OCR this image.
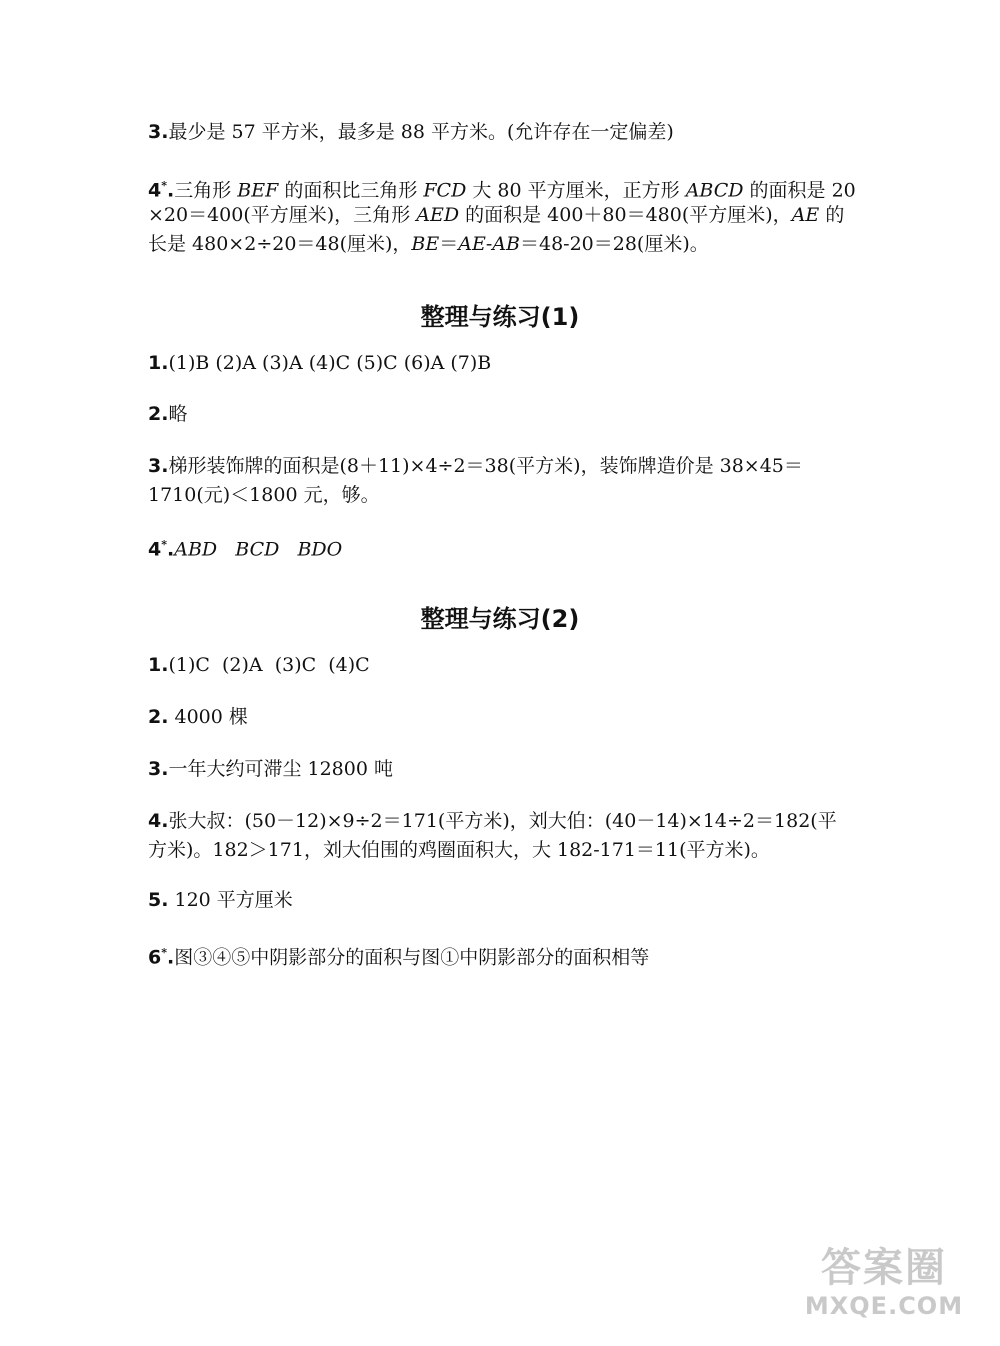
3.最少是 57 平方米，最多是 88 平方米。(允许存在一定偏差)
4*.三角形 BEF 的面积比三角形 FCD 大 80 平方厘米，正方形 ABCD 的面积是 20
×20＝400(平方厘米)，三角形 AED 的面积是 400＋80＝480(平方厘米)，AE 的
长是 480×2÷20＝48(厘米)，BE＝AE-AB＝48-20＝28(厘米)。
整理与练习(1)
1.(1)B (2)A (3)A (4)C (5)C (6)A (7)B
2.略
3.梯形装饰牌的面积是(8＋11)×4÷2＝38(平方米)，装饰牌造价是 38×45＝
1710(元)＜1800 元，够。
4*.ABD   BCD   BDO
整理与练习(2)
1.(1)C  (2)A  (3)C  (4)C
2. 4000 棵
3.一年大约可滞尘 12800 吨
4.张大叔：(50－12)×9÷2＝171(平方米)，刘大伯：(40－14)×14÷2＝182(平
方米)。182＞171，刘大伯围的鸡圈面积大，大 182-171＝11(平方米)。
5. 120 平方厘米
6*.图③④⑤中阴影部分的面积与图①中阴影部分的面积相等
答案圈
MXQE.COM
